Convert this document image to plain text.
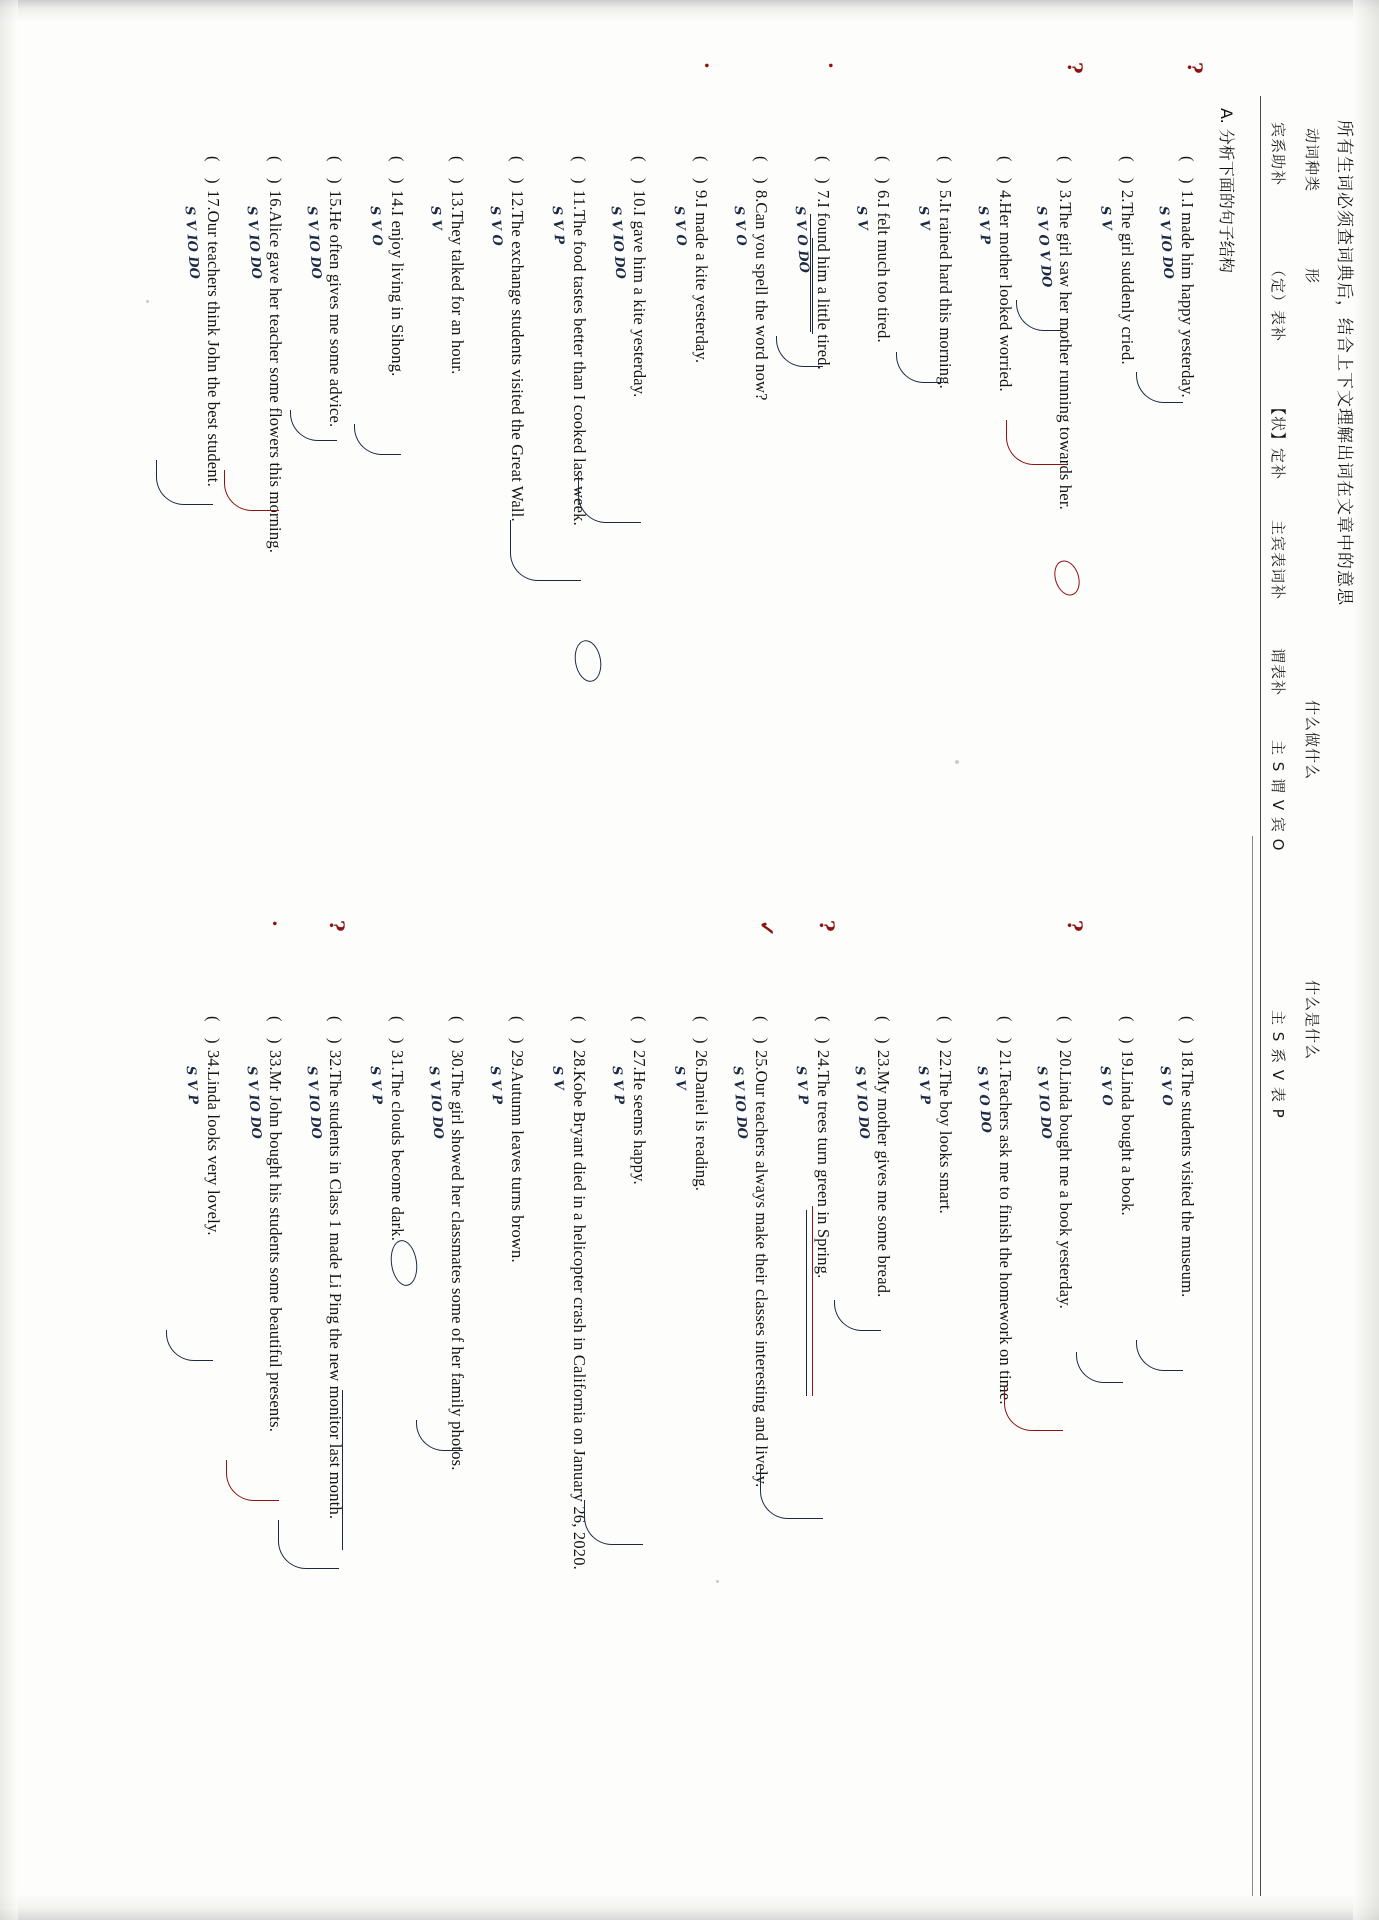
所有生词必须查词典后，结合上下文理解出词在文章中的意思
动词种类
形
什么做什么
什么是什么
宾系助补
（定）表补
【状】定补
主宾表词补
谓表补
主 S 谓 V 宾 O
主 S 系 V 表 P
A. 分析下面的句子结构
(　)1.I made him happy yesterday.
S V IO DO
(　)2.The girl suddenly cried.
S V
(　)3.The girl saw her mother running towards her.
S V O V DO
(　)4.Her mother looked worried.
S V P
(　)5.It rained hard this morning.
S V
(　)6.I felt much too tired.
S V
(　)7.I found him a little tired.
S V O DO
(　)8.Can you spell the word now?
S V O
(　)9.I made a kite yesterday.
S V O
(　)10.I gave him a kite yesterday.
S V IO DO
(　)11.The food tastes better than I cooked last week.
S V P
(　)12.The exchange students visited the Great Wall.
S V O
(　)13.They talked for an hour.
S V
(　)14.I enjoy living in Sihong.
S V O
(　)15.He often gives me some advice.
S V IO DO
(　)16.Alice gave her teacher some flowers this morning.
S V IO DO
(　)17.Our teachers think John the best student.
S V IO DO
(　)18.The students visited the museum.
S V O
(　)19.Linda bought a book.
S V O
(　)20.Linda bought me a book yesterday.
S V IO DO
(　)21.Teachers ask me to finish the homework on time.
S V O DO
(　)22.The boy looks smart.
S V P
(　)23.My mother gives me some bread.
S V IO DO
(　)24.The trees turn green in Spring.
S V P
(　)25.Our teachers always make their classes interesting and lively.
S V IO DO
(　)26.Daniel is reading.
S V
(　)27.He seems happy.
S V P
(　)28.Kobe Bryant died in a helicopter crash in California on January 26, 2020.
S V
(　)29.Autumn leaves turns brown.
S V P
(　)30.The girl showed her classmates some of her family photos.
S V IO DO
(　)31.The clouds become dark.
S V P
(　)32.The students in Class 1 made Li Ping the new monitor last month.
S V IO DO
(　)33.Mr John bought his students some beautiful presents.
S V IO DO
(　)34.Linda looks very lovely.
S V P
?
?
·
·
?
?
✓
?
·
